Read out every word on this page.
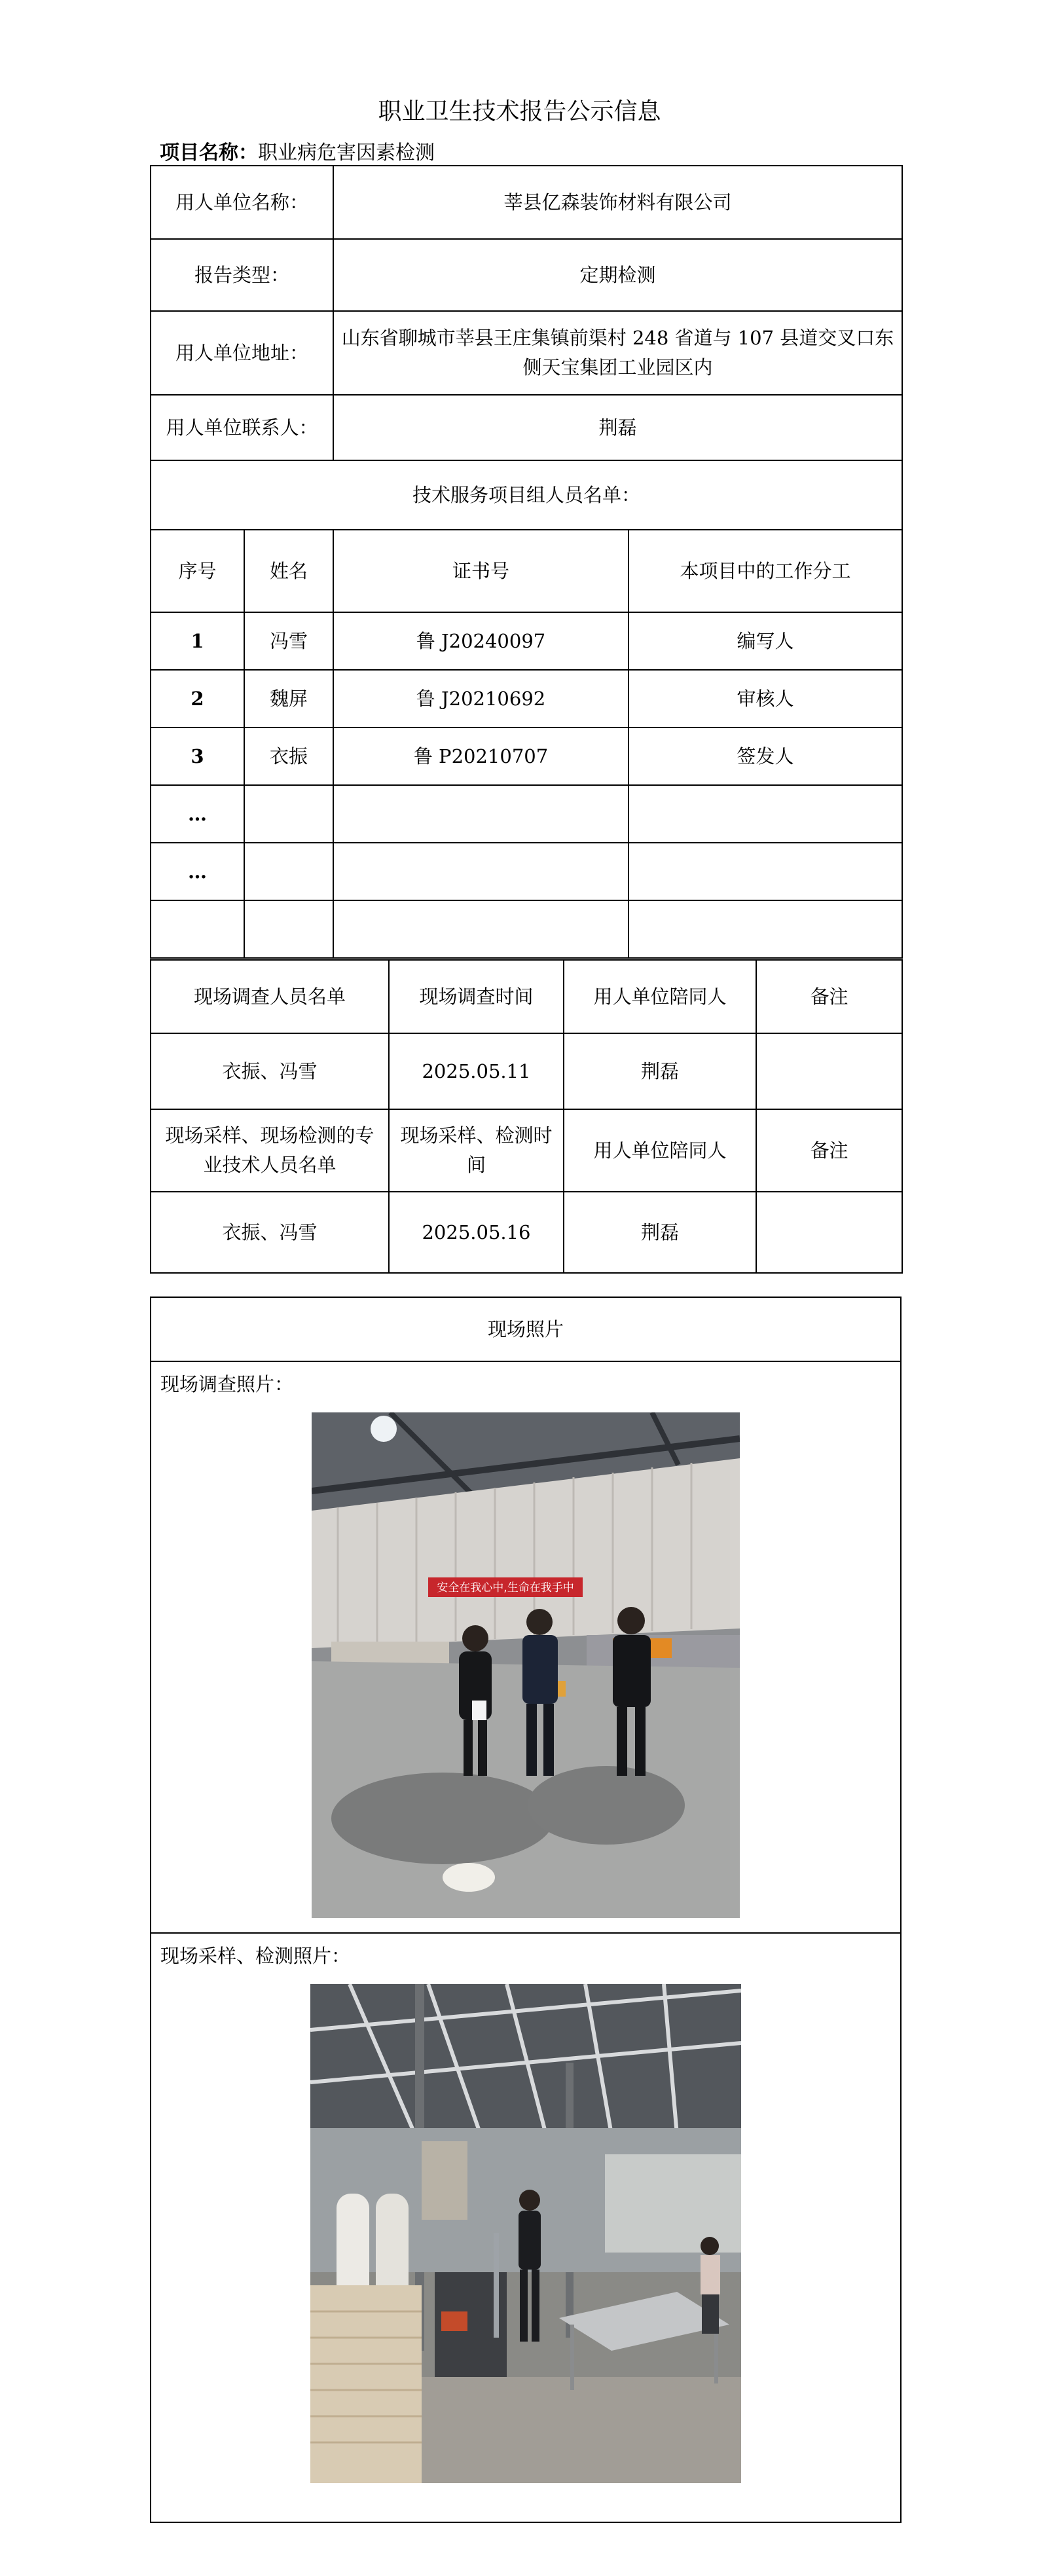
职业卫生技术报告公示信息
项目名称：职业病危害因素检测
用人单位名称：		莘县亿森装饰材料有限公司	
报告类型：		定期检测	
用人单位地址：		山东省聊城市莘县王庄集镇前渠村 248 省道与 107 县道交叉口东侧天宝集团工业园区内	
用人单位联系人：		荆磊	
技术服务项目组人员名单：			
序号	姓名	证书号	本项目中的工作分工
1	冯雪	鲁 J20240097	编写人
2	魏屏	鲁 J20210692	审核人
3	衣振	鲁 P20210707	签发人
…			
…			

现场调查人员名单	现场调查时间	用人单位陪同人	备注
衣振、冯雪	2025.05.11	荆磊	
现场采样、现场检测的专业技术人员名单	现场采样、检测时间	用人单位陪同人	备注
衣振、冯雪	2025.05.16	荆磊	
现场照片

现场调查照片：
安全在我心中,生命在我手中

现场采样、检测照片：
